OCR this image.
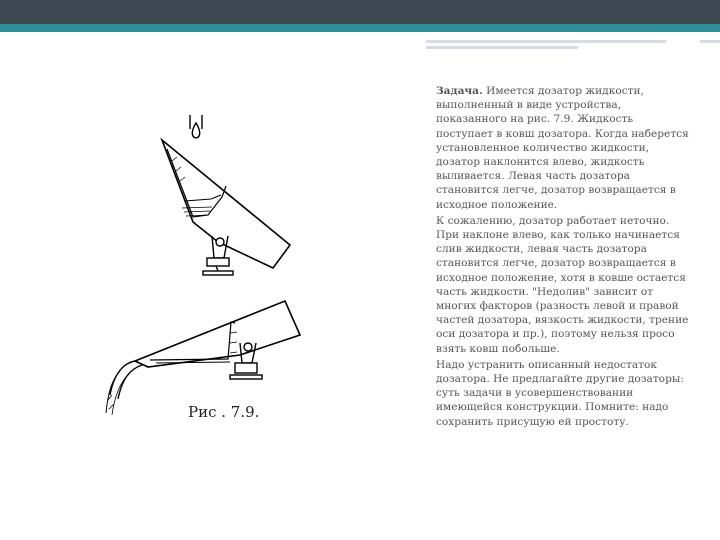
Рис . 7.9.

Задача. Имеется дозатор жидкости, выполненный в виде устройства, показанного на рис. 7.9. Жидкость поступает в ковш дозатора. Когда наберется установленное количество жидкости, дозатор наклонится влево, жидкость выливается. Левая часть дозатора становится легче, дозатор возвращается в исходное положение.

К сожалению, дозатор работает неточно. При наклоне влево, как только начинается слив жидкости, левая часть дозатора становится легче, дозатор возвращается в исходное положение, хотя в ковше остается часть жидкости. "Недолив" зависит от многих факторов (разность левой и правой частей дозатора, вязкость жидкости, трение оси дозатора и пр.), поэтому нельзя просо взять ковш побольше.

Надо устранить описанный недостаток дозатора. Не предлагайте другие дозаторы: суть задачи в усовершенствовании имеющейся конструкции. Помните: надо сохранить присущую ей простоту.
